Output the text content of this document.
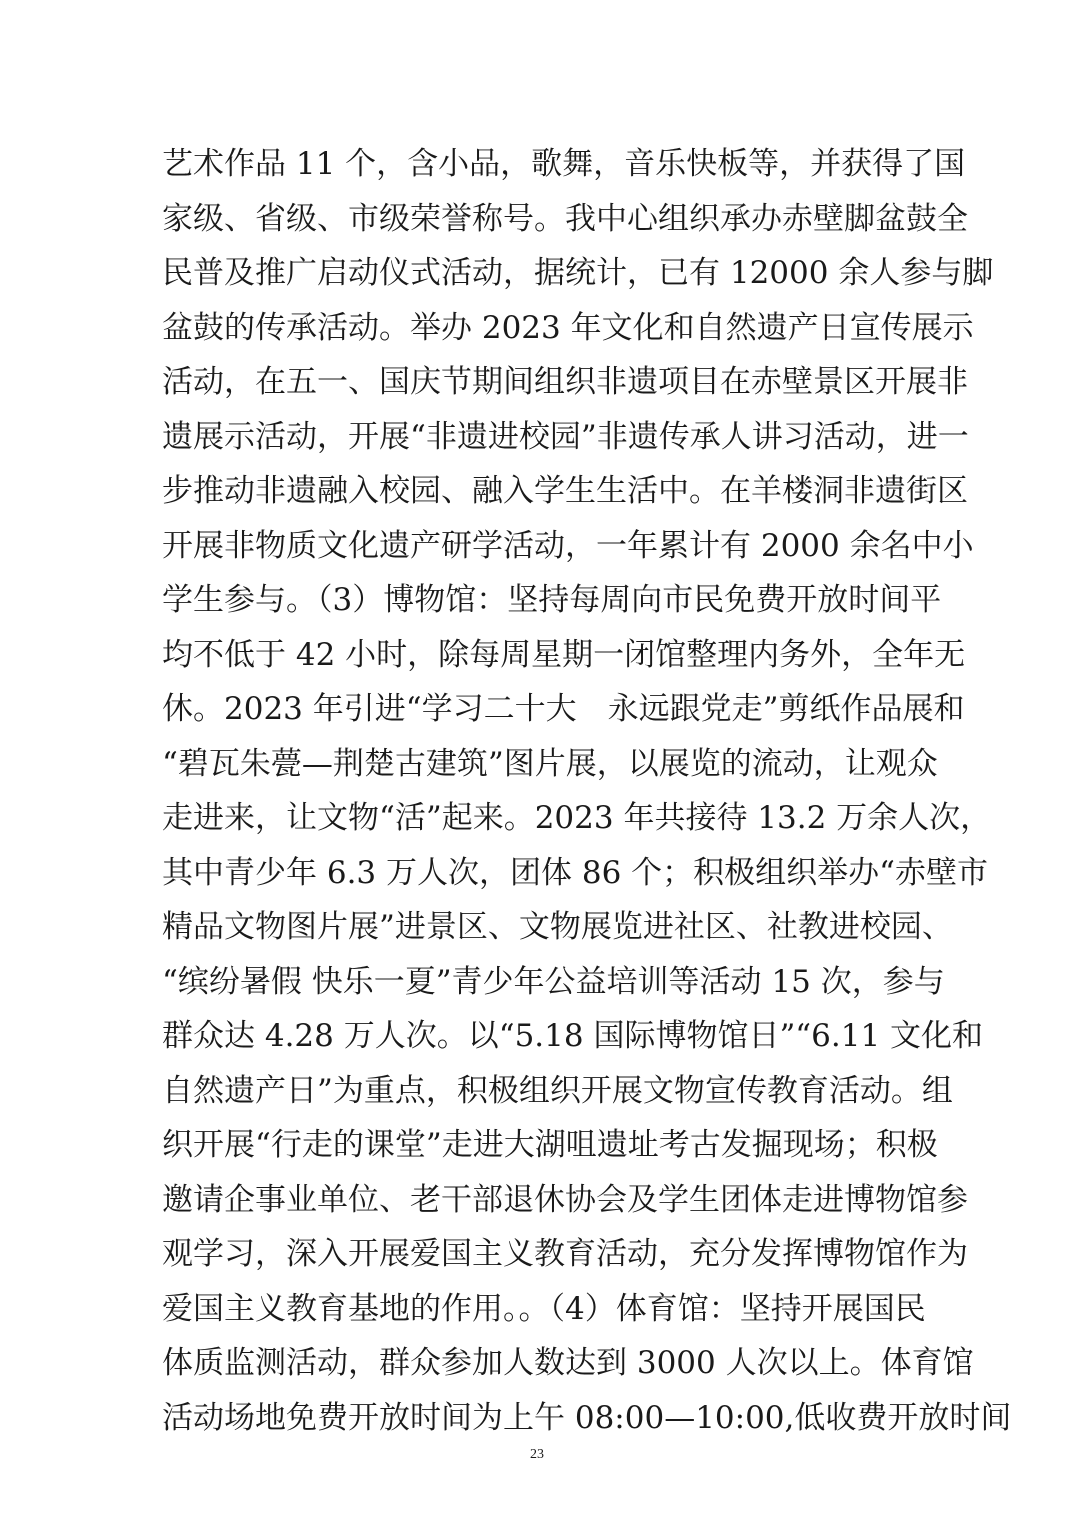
艺术作品 11 个，含小品，歌舞，音乐快板等，并获得了国
家级、省级、市级荣誉称号。我中心组织承办赤壁脚盆鼓全
民普及推广启动仪式活动，据统计，已有 12000 余人参与脚
盆鼓的传承活动。举办 2023 年文化和自然遗产日宣传展示
活动，在五一、国庆节期间组织非遗项目在赤壁景区开展非
遗展示活动，开展“非遗进校园”非遗传承人讲习活动，进一
步推动非遗融入校园、融入学生生活中。在羊楼洞非遗街区
开展非物质文化遗产研学活动，一年累计有 2000 余名中小
学生参与。（3）博物馆：坚持每周向市民免费开放时间平
均不低于 42 小时，除每周星期一闭馆整理内务外，全年无
休。2023 年引进“学习二十大　永远跟党走”剪纸作品展和
“碧瓦朱甍—荆楚古建筑”图片展，以展览的流动，让观众
走进来，让文物“活”起来。2023 年共接待 13.2 万余人次，
其中青少年 6.3 万人次，团体 86 个；积极组织举办“赤壁市
精品文物图片展”进景区、文物展览进社区、社教进校园、
“缤纷暑假 快乐一夏”青少年公益培训等活动 15 次，参与
群众达 4.28 万人次。以“5.18 国际博物馆日”“6.11 文化和
自然遗产日”为重点，积极组织开展文物宣传教育活动。组
织开展“行走的课堂”走进大湖咀遗址考古发掘现场；积极
邀请企事业单位、老干部退休协会及学生团体走进博物馆参
观学习，深入开展爱国主义教育活动，充分发挥博物馆作为
爱国主义教育基地的作用。。（4）体育馆：坚持开展国民
体质监测活动，群众参加人数达到 3000 人次以上。体育馆
活动场地免费开放时间为上午 08:00—10:00,低收费开放时间
23
